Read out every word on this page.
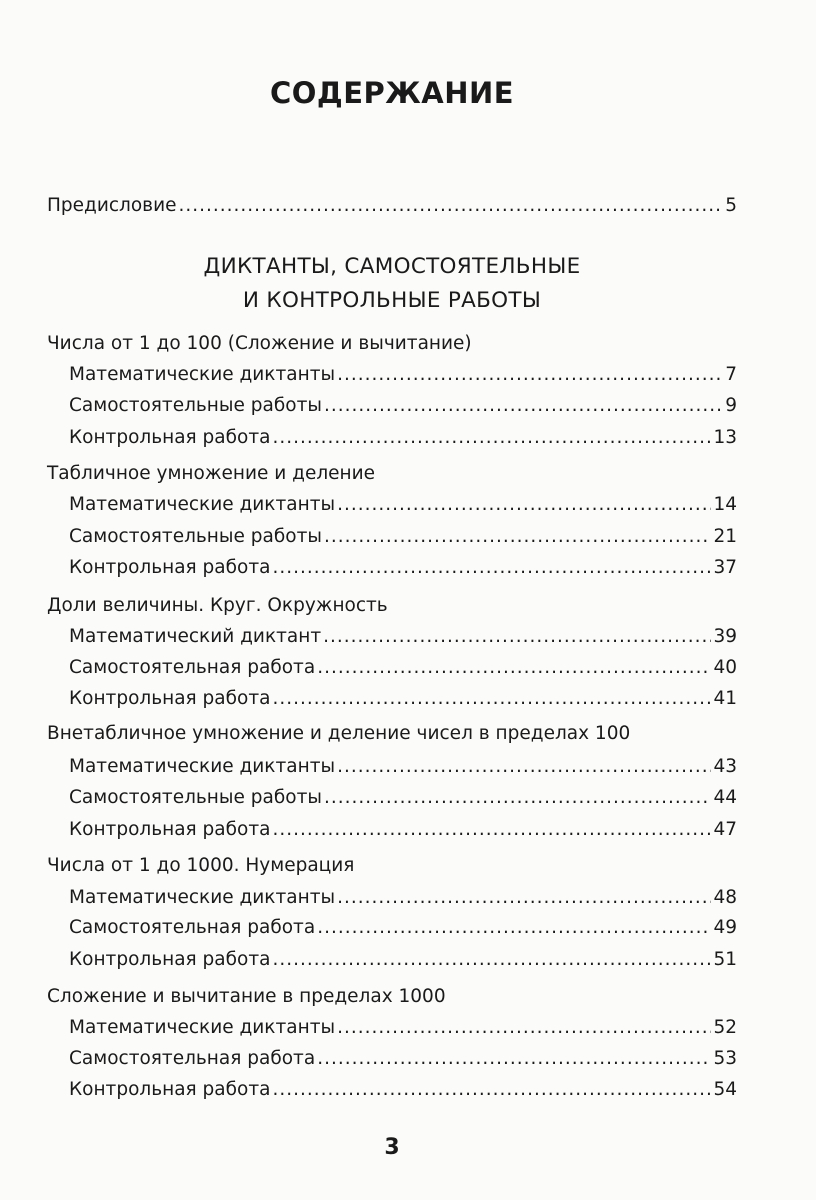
СОДЕРЖАНИЕ
Предисловие .....	5
ДИКТАНТЫ, САМОСТОЯТЕЛЬНЫЕ
И КОНТРОЛЬНЫЕ РАБОТЫ
Числа от 1 до 100 (Сложение и вычитание)
Математические диктанты .....	7
Самостоятельные работы .....	9
Контрольная работа .....	13
Табличное умножение и деление
Математические диктанты .....	14
Самостоятельные работы .....	21
Контрольная работа .....	37
Доли величины. Круг. Окружность
Математический диктант .....	39
Самостоятельная работа .....	40
Контрольная работа .....	41
Внетабличное умножение и деление чисел в пределах 100
Математические диктанты .....	43
Самостоятельные работы .....	44
Контрольная работа .....	47
Числа от 1 до 1000. Нумерация
Математические диктанты .....	48
Самостоятельная работа .....	49
Контрольная работа .....	51
Сложение и вычитание в пределах 1000
Математические диктанты .....	52
Самостоятельная работа .....	53
Контрольная работа .....	54
3
